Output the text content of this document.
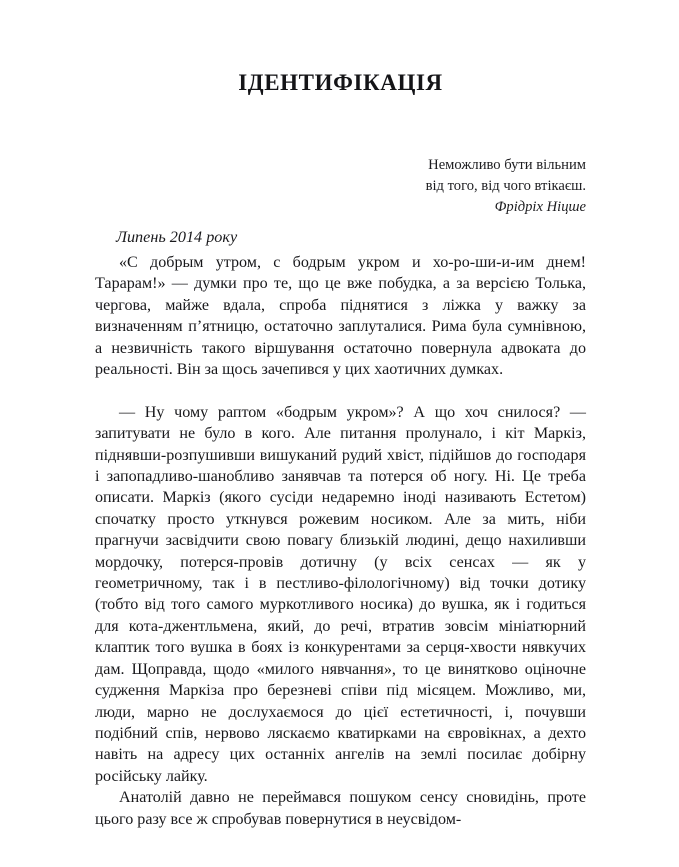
ІДЕНТИФІКАЦІЯ
Неможливо бути вільним
від того, від чого втікаєш.
Фрідріх Ніцше
Липень 2014 року

«С добрым утром, с бодрым укром и хо-ро-ши-и-им днем! Тарарам!» — думки про те, що це вже побудка, а за версією Толька, чергова, майже вдала, спроба піднятися з ліжка у важку за визначенням п’ятницю, остаточно заплуталися. Рима була сумнівною, а незвичність такого віршування остаточно повернула адвоката до реальності. Він за щось зачепився у цих хаотичних думках.

— Ну чому раптом «бодрым укром»? А що хоч снилося? — запитувати не було в кого. Але питання пролунало, і кіт Маркіз, піднявши-розпушивши вишуканий рудий хвіст, підійшов до господаря і запопадливо-шанобливо занявчав та потерся об ногу. Ні. Це треба описати. Маркіз (якого сусіди недаремно іноді називають Естетом) спочатку просто уткнувся рожевим носиком. Але за мить, ніби прагнучи засвідчити свою повагу близькій людині, дещо нахиливши мордочку, потерся-провів дотичну (у всіх сенсах — як у геометричному, так і в пестливо-філологічному) від точки дотику (тобто від того самого муркотливого носика) до вушка, як і годиться для кота-джентльмена, який, до речі, втратив зовсім мініатюрний клаптик того вушка в боях із конкурентами за серця-хвости нявкучих дам. Щоправда, щодо «милого нявчання», то це винятково оціночне судження Маркіза про березневі співи під місяцем. Можливо, ми, люди, марно не дослухаємося до цієї естетичності, і, почувши подібний спів, нервово ляскаємо кватирками на євровікнах, а дехто навіть на адресу цих останніх ангелів на землі посилає добірну російську лайку.

Анатолій давно не переймався пошуком сенсу сновидінь, проте цього разу все ж спробував повернутися в неусвідом-
